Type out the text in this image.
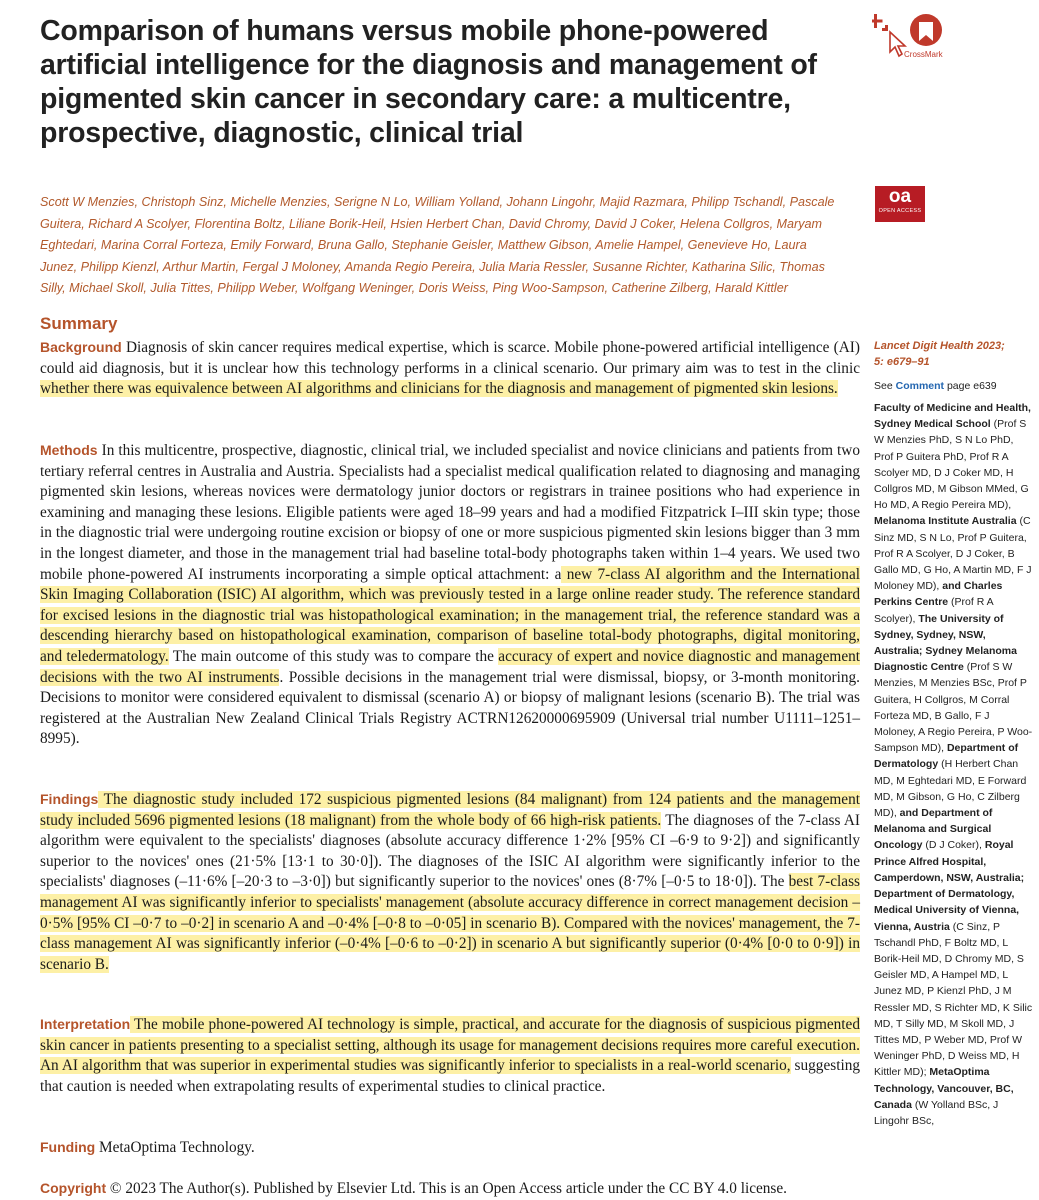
Comparison of humans versus mobile phone-powered artificial intelligence for the diagnosis and management of pigmented skin cancer in secondary care: a multicentre, prospective, diagnostic, clinical trial
CrossMark
oa
OPEN ACCESS

Scott W Menzies, Christoph Sinz, Michelle Menzies, Serigne N Lo, William Yolland, Johann Lingohr, Majid Razmara, Philipp Tschandl, Pascale Guitera, Richard A Scolyer, Florentina Boltz, Liliane Borik-Heil, Hsien Herbert Chan, David Chromy, David J Coker, Helena Collgros, Maryam Eghtedari, Marina Corral Forteza, Emily Forward, Bruna Gallo, Stephanie Geisler, Matthew Gibson, Amelie Hampel, Genevieve Ho, Laura Junez, Philipp Kienzl, Arthur Martin, Fergal J Moloney, Amanda Regio Pereira, Julia Maria Ressler, Susanne Richter, Katharina Silic, Thomas Silly, Michael Skoll, Julia Tittes, Philipp Weber, Wolfgang Weninger, Doris Weiss, Ping Woo-Sampson, Catherine Zilberg, Harald Kittler

Summary

Background Diagnosis of skin cancer requires medical expertise, which is scarce. Mobile phone-powered artificial intelligence (AI) could aid diagnosis, but it is unclear how this technology performs in a clinical scenario. Our primary aim was to test in the clinic whether there was equivalence between AI algorithms and clinicians for the diagnosis and management of pigmented skin lesions.

Methods In this multicentre, prospective, diagnostic, clinical trial, we included specialist and novice clinicians and patients from two tertiary referral centres in Australia and Austria. Specialists had a specialist medical qualification related to diagnosing and managing pigmented skin lesions, whereas novices were dermatology junior doctors or registrars in trainee positions who had experience in examining and managing these lesions. Eligible patients were aged 18–99 years and had a modified Fitzpatrick I–III skin type; those in the diagnostic trial were undergoing routine excision or biopsy of one or more suspicious pigmented skin lesions bigger than 3 mm in the longest diameter, and those in the management trial had baseline total-body photographs taken within 1–4 years. We used two mobile phone-powered AI instruments incorporating a simple optical attachment: a new 7-class AI algorithm and the International Skin Imaging Collaboration (ISIC) AI algorithm, which was previously tested in a large online reader study. The reference standard for excised lesions in the diagnostic trial was histopathological examination; in the management trial, the reference standard was a descending hierarchy based on histopathological examination, comparison of baseline total-body photographs, digital monitoring, and teledermatology. The main outcome of this study was to compare the accuracy of expert and novice diagnostic and management decisions with the two AI instruments. Possible decisions in the management trial were dismissal, biopsy, or 3-month monitoring. Decisions to monitor were considered equivalent to dismissal (scenario A) or biopsy of malignant lesions (scenario B). The trial was registered at the Australian New Zealand Clinical Trials Registry ACTRN12620000695909 (Universal trial number U1111–1251–8995).

Findings The diagnostic study included 172 suspicious pigmented lesions (84 malignant) from 124 patients and the management study included 5696 pigmented lesions (18 malignant) from the whole body of 66 high-risk patients. The diagnoses of the 7-class AI algorithm were equivalent to the specialists' diagnoses (absolute accuracy difference 1·2% [95% CI –6·9 to 9·2]) and significantly superior to the novices' ones (21·5% [13·1 to 30·0]). The diagnoses of the ISIC AI algorithm were significantly inferior to the specialists' diagnoses (–11·6% [–20·3 to –3·0]) but significantly superior to the novices' ones (8·7% [–0·5 to 18·0]). The best 7-class management AI was significantly inferior to specialists' management (absolute accuracy difference in correct management decision –0·5% [95% CI –0·7 to –0·2] in scenario A and –0·4% [–0·8 to –0·05] in scenario B). Compared with the novices' management, the 7-class management AI was significantly inferior (–0·4% [–0·6 to –0·2]) in scenario A but significantly superior (0·4% [0·0 to 0·9]) in scenario B.

Interpretation The mobile phone-powered AI technology is simple, practical, and accurate for the diagnosis of suspicious pigmented skin cancer in patients presenting to a specialist setting, although its usage for management decisions requires more careful execution. An AI algorithm that was superior in experimental studies was significantly inferior to specialists in a real-world scenario, suggesting that caution is needed when extrapolating results of experimental studies to clinical practice.

Funding MetaOptima Technology.

Copyright © 2023 The Author(s). Published by Elsevier Ltd. This is an Open Access article under the CC BY 4.0 license.

Lancet Digit Health 2023;
5: e679–91
See Comment page e639
Faculty of Medicine and Health, Sydney Medical School (Prof S W Menzies PhD, S N Lo PhD, Prof P Guitera PhD, Prof R A Scolyer MD, D J Coker MD, H Collgros MD, M Gibson MMed, G Ho MD, A Regio Pereira MD), Melanoma Institute Australia (C Sinz MD, S N Lo, Prof P Guitera, Prof R A Scolyer, D J Coker, B Gallo MD, G Ho, A Martin MD, F J Moloney MD), and Charles Perkins Centre (Prof R A Scolyer), The University of Sydney, Sydney, NSW, Australia; Sydney Melanoma Diagnostic Centre (Prof S W Menzies, M Menzies BSc, Prof P Guitera, H Collgros, M Corral Forteza MD, B Gallo, F J Moloney, A Regio Pereira, P Woo-Sampson MD), Department of Dermatology (H Herbert Chan MD, M Eghtedari MD, E Forward MD, M Gibson, G Ho, C Zilberg MD), and Department of Melanoma and Surgical Oncology (D J Coker), Royal Prince Alfred Hospital, Camperdown, NSW, Australia; Department of Dermatology, Medical University of Vienna, Vienna, Austria (C Sinz, P Tschandl PhD, F Boltz MD, L Borik-Heil MD, D Chromy MD, S Geisler MD, A Hampel MD, L Junez MD, P Kienzl PhD, J M Ressler MD, S Richter MD, K Silic MD, T Silly MD, M Skoll MD, J Tittes MD, P Weber MD, Prof W Weninger PhD, D Weiss MD, H Kittler MD); MetaOptima Technology, Vancouver, BC, Canada (W Yolland BSc, J Lingohr BSc,
